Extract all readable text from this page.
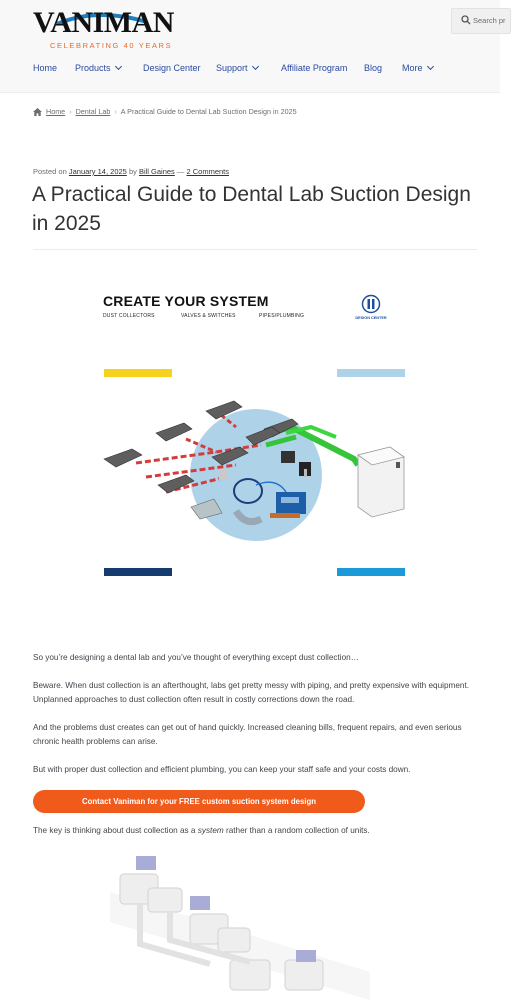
VANIMAN
CELEBRATING 40 YEARS
Search pr
Home Products	Design Center Support	Affiliate Program Blog More
Home › Dental Lab › A Practical Guide to Dental Lab Suction Design in 2025
Posted on January 14, 2025 by Bill Gaines — 2 Comments
A Practical Guide to Dental Lab Suction Design in 2025
CREATE YOUR SYSTEM
DUST COLLECTORS	VALVES & SWITCHES	PIPES/PLUMBING	DESIGN CENTER

So you’re designing a dental lab and you’ve thought of everything except dust collection…

Beware. When dust collection is an afterthought, labs get pretty messy with piping, and pretty expensive with equipment. Unplanned approaches to dust collection often result in costly corrections down the road.

And the problems dust creates can get out of hand quickly. Increased cleaning bills, frequent repairs, and even serious chronic health problems can arise.

But with proper dust collection and efficient plumbing, you can keep your staff safe and your costs down.

Contact Vaniman for your FREE custom suction system design

The key is thinking about dust collection as a system rather than a random collection of units.
